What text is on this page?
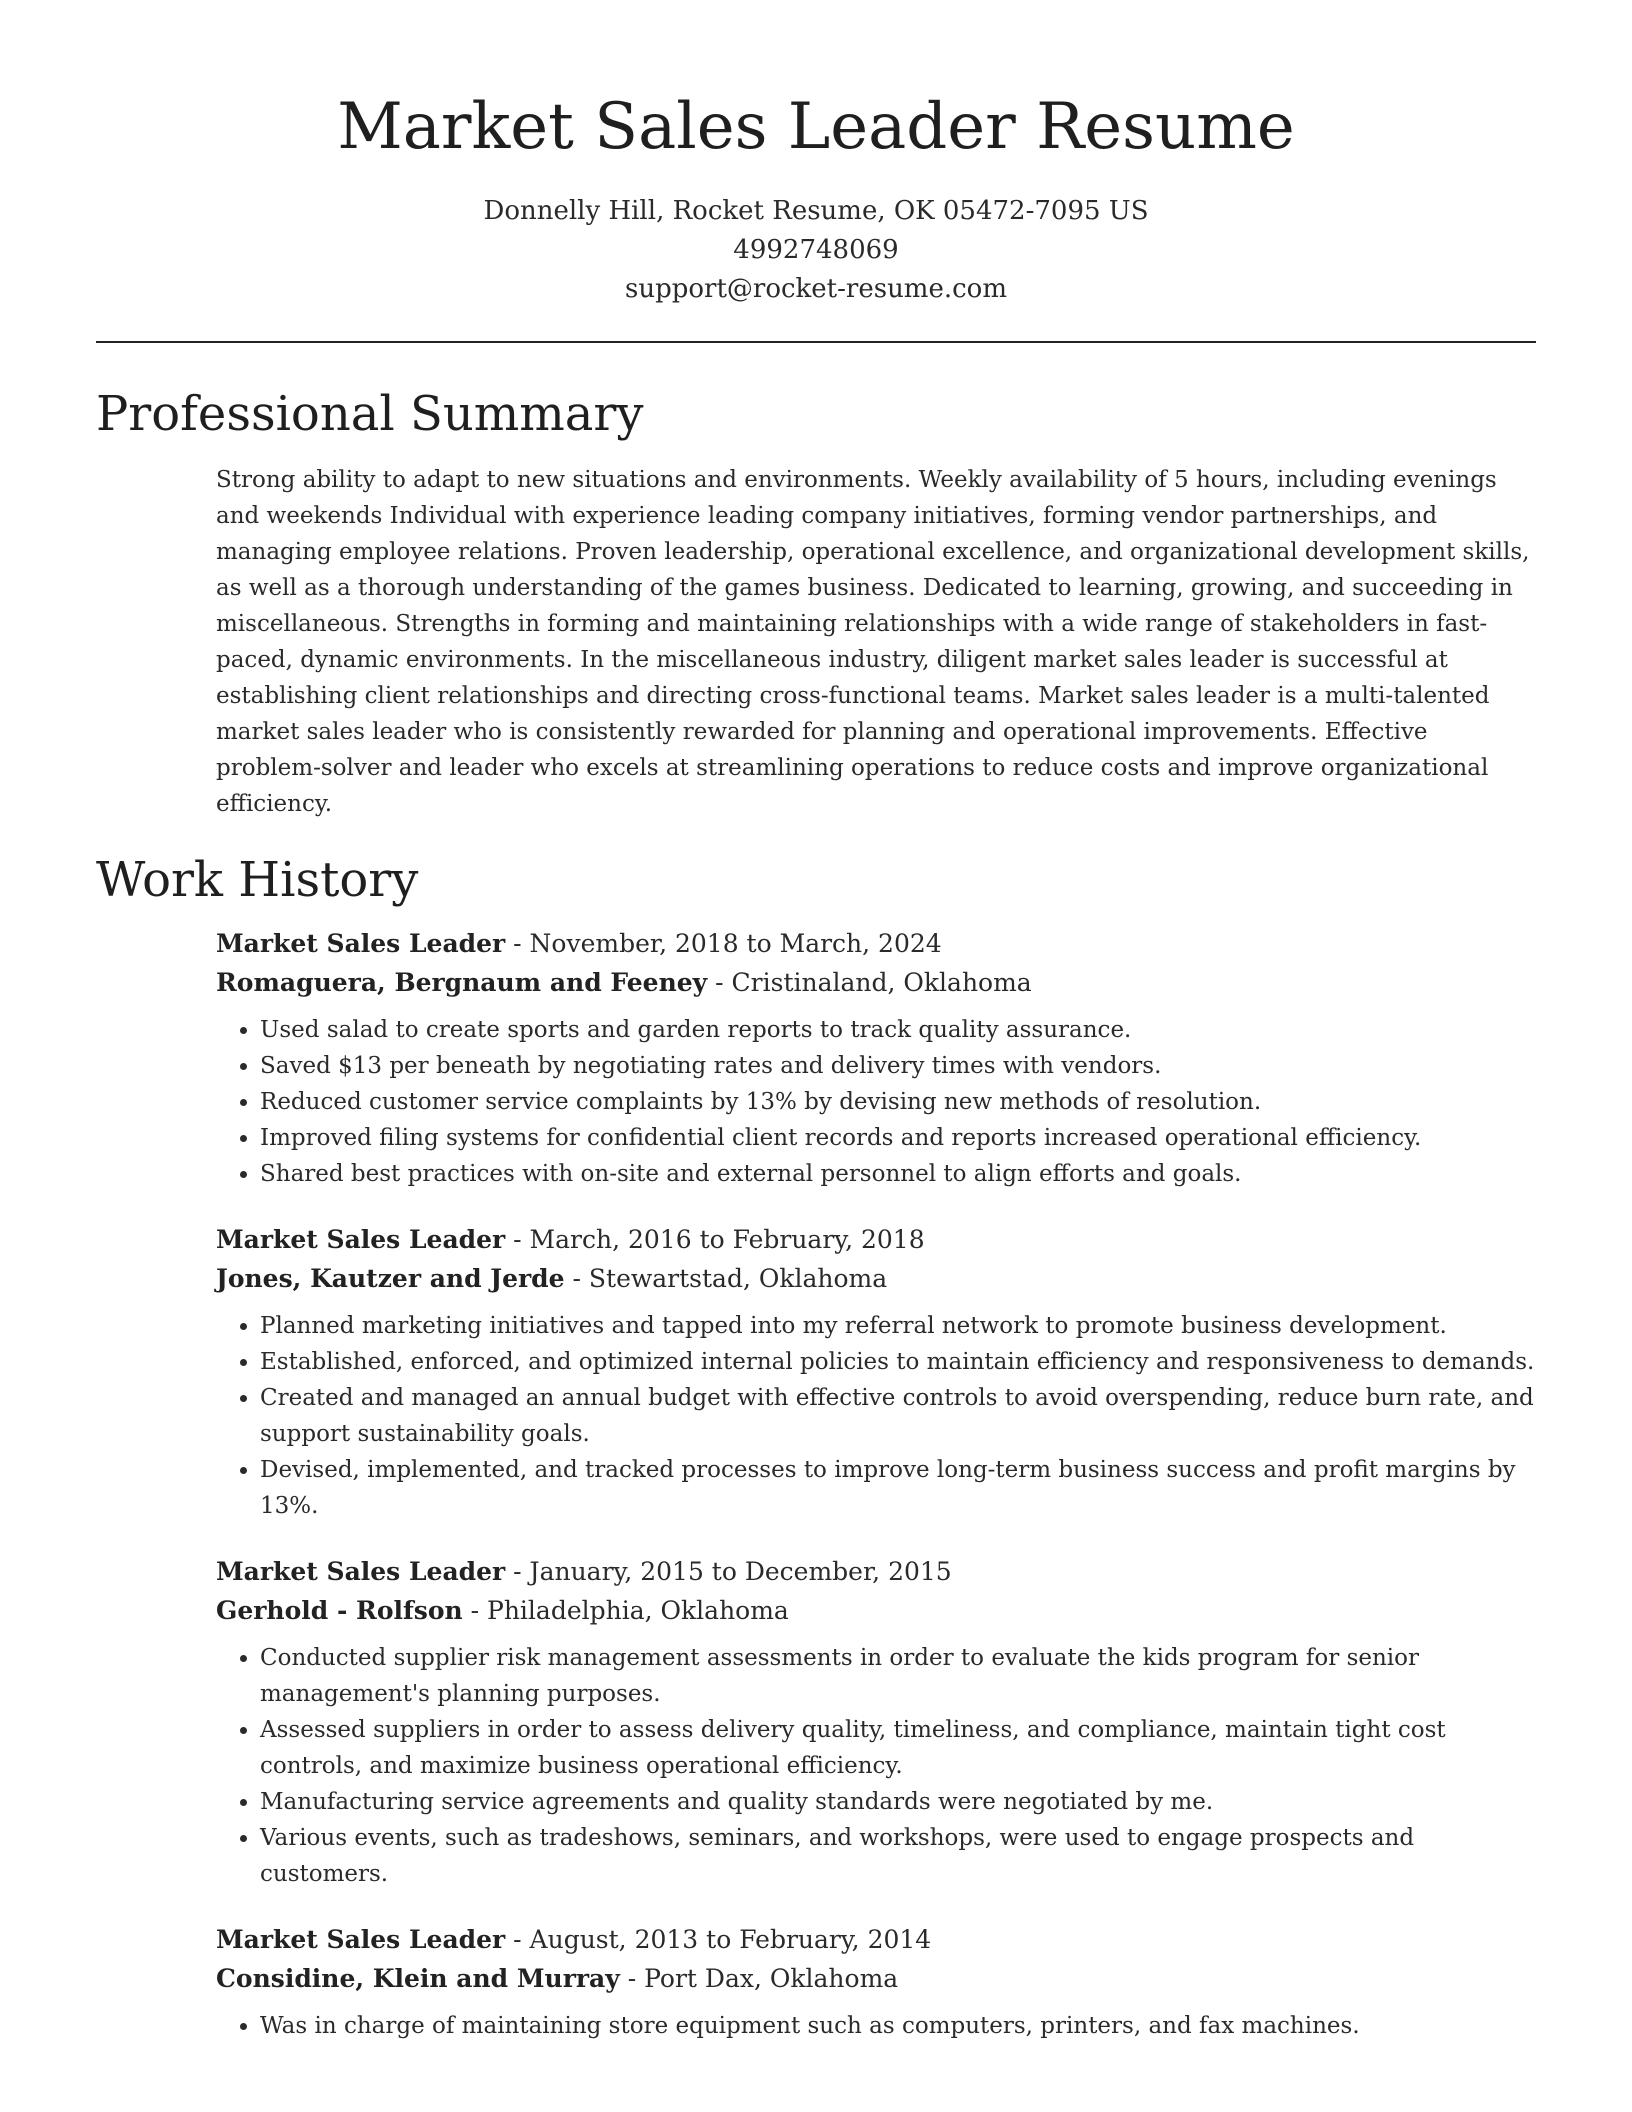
Market Sales Leader Resume
Donnelly Hill, Rocket Resume, OK 05472-7095 US
4992748069
support@rocket-resume.com
Professional Summary

Strong ability to adapt to new situations and environments. Weekly availability of 5 hours, including evenings and weekends Individual with experience leading company initiatives, forming vendor partnerships, and managing employee relations. Proven leadership, operational excellence, and organizational development skills, as well as a thorough understanding of the games business. Dedicated to learning, growing, and succeeding in miscellaneous. Strengths in forming and maintaining relationships with a wide range of stakeholders in fast-paced, dynamic environments. In the miscellaneous industry, diligent market sales leader is successful at establishing client relationships and directing cross-functional teams. Market sales leader is a multi-talented market sales leader who is consistently rewarded for planning and operational improvements. Effective problem-solver and leader who excels at streamlining operations to reduce costs and improve organizational efficiency.

Work History
Market Sales Leader - November, 2018 to March, 2024
Romaguera, Bergnaum and Feeney - Cristinaland, Oklahoma
• Used salad to create sports and garden reports to track quality assurance.
• Saved $13 per beneath by negotiating rates and delivery times with vendors.
• Reduced customer service complaints by 13% by devising new methods of resolution.
• Improved filing systems for confidential client records and reports increased operational efficiency.
• Shared best practices with on-site and external personnel to align efforts and goals.
Market Sales Leader - March, 2016 to February, 2018
Jones, Kautzer and Jerde - Stewartstad, Oklahoma
• Planned marketing initiatives and tapped into my referral network to promote business development.
• Established, enforced, and optimized internal policies to maintain efficiency and responsiveness to demands.
• Created and managed an annual budget with effective controls to avoid overspending, reduce burn rate, and support sustainability goals.
• Devised, implemented, and tracked processes to improve long-term business success and profit margins by 13%.
Market Sales Leader - January, 2015 to December, 2015
Gerhold - Rolfson - Philadelphia, Oklahoma
• Conducted supplier risk management assessments in order to evaluate the kids program for senior management's planning purposes.
• Assessed suppliers in order to assess delivery quality, timeliness, and compliance, maintain tight cost controls, and maximize business operational efficiency.
• Manufacturing service agreements and quality standards were negotiated by me.
• Various events, such as tradeshows, seminars, and workshops, were used to engage prospects and customers.
Market Sales Leader - August, 2013 to February, 2014
Considine, Klein and Murray - Port Dax, Oklahoma
• Was in charge of maintaining store equipment such as computers, printers, and fax machines.
